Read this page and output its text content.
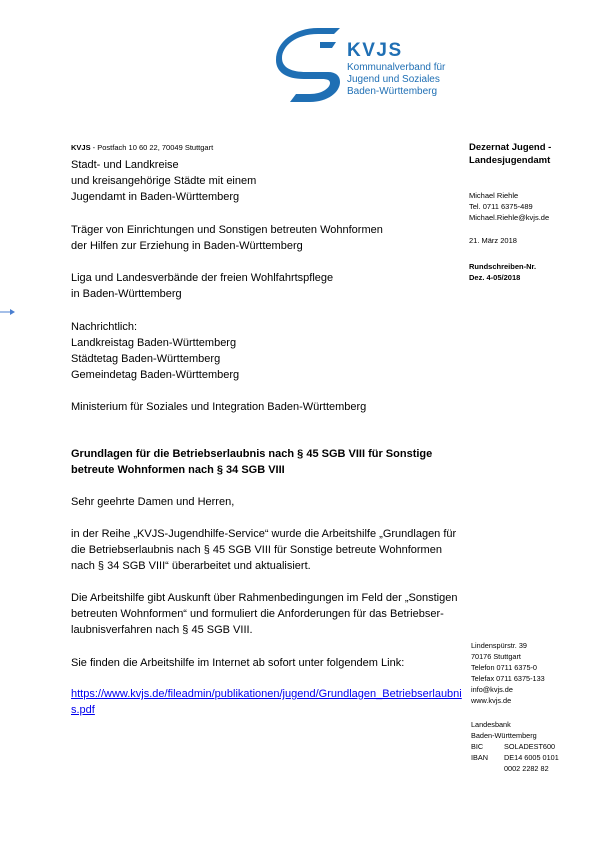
KVJS
Kommunalverband für
Jugend und Soziales
Baden-Württemberg
KVJS - Postfach 10 60 22, 70049 Stuttgart
Stadt- und Landkreise
und kreisangehörige Städte mit einem
Jugendamt in Baden-Württemberg
Träger von Einrichtungen und Sonstigen betreuten Wohnformen
der Hilfen zur Erziehung in Baden-Württemberg
Liga und Landesverbände der freien Wohlfahrtspflege
in Baden-Württemberg
Nachrichtlich:
Landkreistag Baden-Württemberg
Städtetag Baden-Württemberg
Gemeindetag Baden-Württemberg
Ministerium für Soziales und Integration Baden-Württemberg
Dezernat Jugend -
Landesjugendamt
Michael Riehle
Tel. 0711 6375-489
Michael.Riehle@kvjs.de
21. März 2018
Rundschreiben-Nr.
Dez. 4-05/2018
Lindenspürstr. 39
70176 Stuttgart
Telefon 0711 6375-0
Telefax 0711 6375-133
info@kvjs.de
www.kvjs.de
Landesbank
Baden-Württemberg
BIC	SOLADEST600
IBAN DE14 6005 0101
0002 2282 82
Grundlagen für die Betriebserlaubnis nach § 45 SGB VIII für Sonstige betreute Wohnformen nach § 34 SGB VIII
Sehr geehrte Damen und Herren,
in der Reihe „KVJS-Jugendhilfe-Service“ wurde die Arbeitshilfe „Grundlagen für die Betriebserlaubnis nach § 45 SGB VIII für Sonstige betreute Wohnformen nach § 34 SGB VIII“ überarbeitet und aktualisiert.
Die Arbeitshilfe gibt Auskunft über Rahmenbedingungen im Feld der „Sonstigen betreuten Wohnformen“ und formuliert die Anforderungen für das Betriebser-laubnisverfahren nach § 45 SGB VIII.
Sie finden die Arbeitshilfe im Internet ab sofort unter folgendem Link:
https://www.kvjs.de/fileadmin/publikationen/jugend/Grundlagen_Betriebserlaubnis.pdf
